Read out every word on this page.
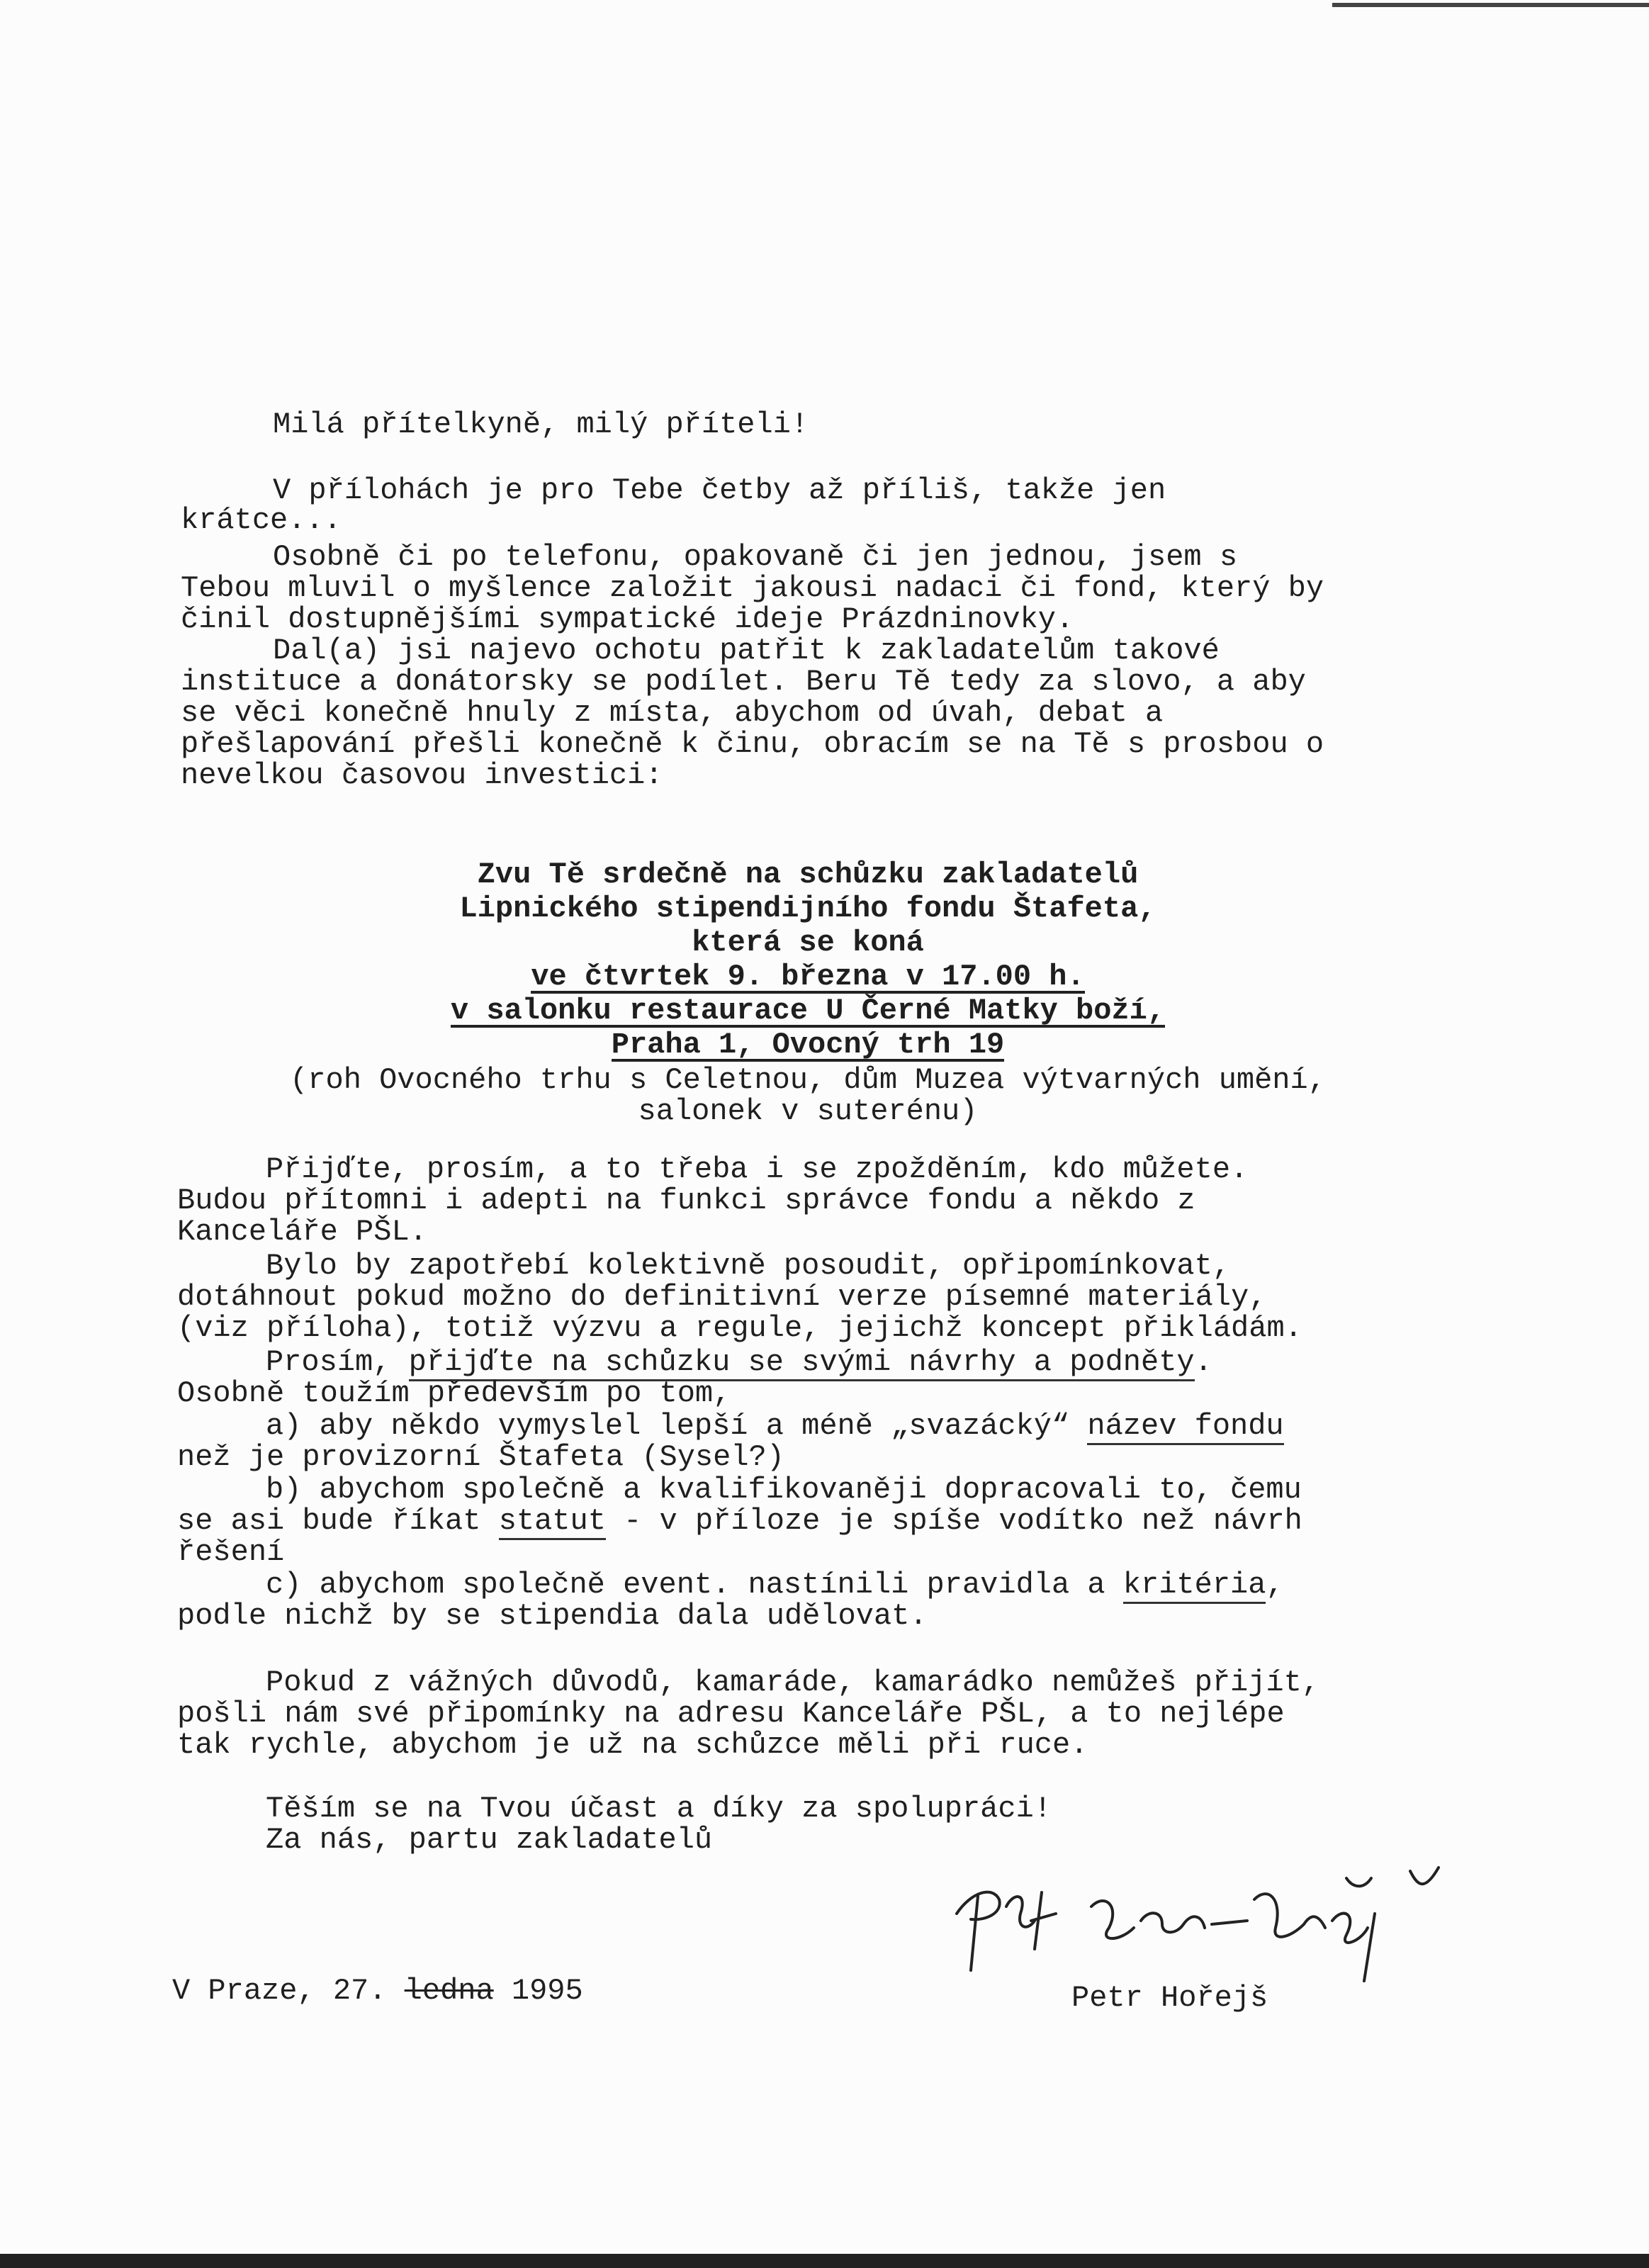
Milá přítelkyně, milý příteli!
V přílohách je pro Tebe četby až příliš, takže jen
krátce...
Osobně či po telefonu, opakovaně či jen jednou, jsem s
Tebou mluvil o myšlence založit jakousi nadaci či fond, který by
činil dostupnějšími sympatické ideje Prázdninovky.
Dal(a) jsi najevo ochotu patřit k zakladatelům takové
instituce a donátorsky se podílet. Beru Tě tedy za slovo, a aby
se věci konečně hnuly z místa, abychom od úvah, debat a
přešlapování přešli konečně k činu, obracím se na Tě s prosbou o
nevelkou časovou investici:
Zvu Tě srdečně na schůzku zakladatelů
Lipnického stipendijního fondu Štafeta,
která se koná
ve čtvrtek 9. března v 17.00 h.
v salonku restaurace U Černé Matky boží,
Praha 1, Ovocný trh 19
(roh Ovocného trhu s Celetnou, dům Muzea výtvarných umění,
salonek v suterénu)
Přijďte, prosím, a to třeba i se zpožděním, kdo můžete.
Budou přítomni i adepti na funkci správce fondu a někdo z
Kanceláře PŠL.
Bylo by zapotřebí kolektivně posoudit, opřipomínkovat,
dotáhnout pokud možno do definitivní verze písemné materiály,
(viz příloha), totiž výzvu a regule, jejichž koncept přikládám.
Prosím, přijďte na schůzku se svými návrhy a podněty.
Osobně toužím především po tom,
a) aby někdo vymyslel lepší a méně „svazácký“ název fondu
než je provizorní Štafeta (Sysel?)
b) abychom společně a kvalifikovaněji dopracovali to, čemu
se asi bude říkat statut - v příloze je spíše vodítko než návrh
řešení
c) abychom společně event. nastínili pravidla a kritéria,
podle nichž by se stipendia dala udělovat.
Pokud z vážných důvodů, kamaráde, kamarádko nemůžeš přijít,
pošli nám své připomínky na adresu Kanceláře PŠL, a to nejlépe
tak rychle, abychom je už na schůzce měli při ruce.
Těším se na Tvou účast a díky za spolupráci!
Za nás, partu zakladatelů
V Praze, 27. ledna 1995	Petr Hořejš
